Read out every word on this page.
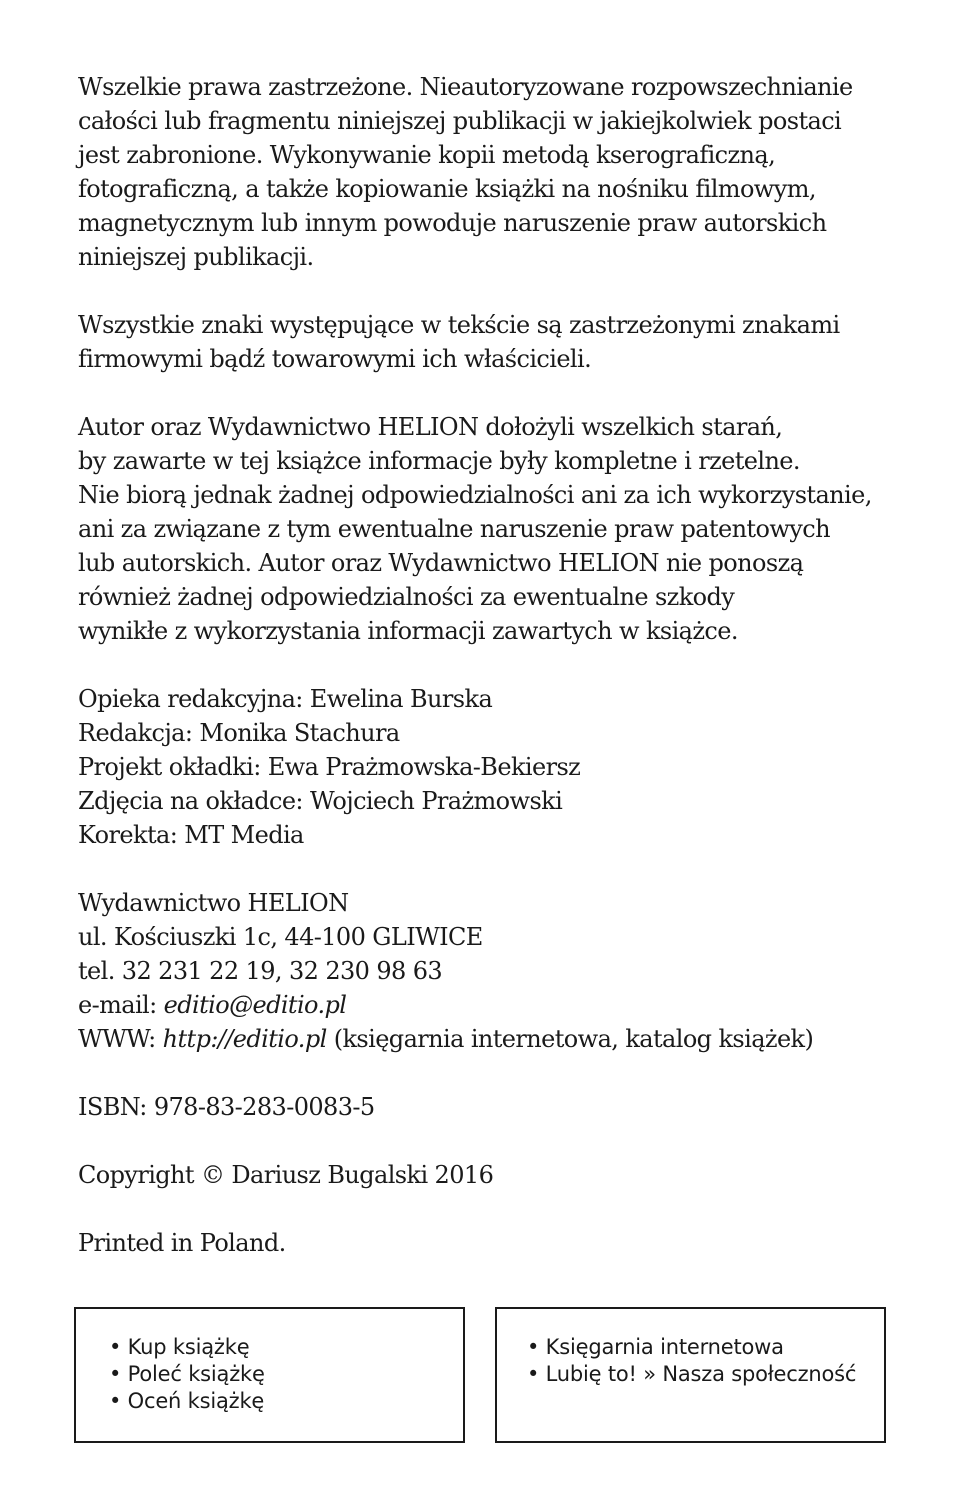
Wszelkie prawa zastrzeżone. Nieautoryzowane rozpowszechnianie
całości lub fragmentu niniejszej publikacji w jakiejkolwiek postaci
jest zabronione. Wykonywanie kopii metodą kserograficzną,
fotograficzną, a także kopiowanie książki na nośniku filmowym,
magnetycznym lub innym powoduje naruszenie praw autorskich
niniejszej publikacji.

Wszystkie znaki występujące w tekście są zastrzeżonymi znakami
firmowymi bądź towarowymi ich właścicieli.

Autor oraz Wydawnictwo HELION dołożyli wszelkich starań,
by zawarte w tej książce informacje były kompletne i rzetelne.
Nie biorą jednak żadnej odpowiedzialności ani za ich wykorzystanie,
ani za związane z tym ewentualne naruszenie praw patentowych
lub autorskich. Autor oraz Wydawnictwo HELION nie ponoszą
również żadnej odpowiedzialności za ewentualne szkody
wynikłe z wykorzystania informacji zawartych w książce.

Opieka redakcyjna: Ewelina Burska
Redakcja: Monika Stachura
Projekt okładki: Ewa Prażmowska-Bekiersz
Zdjęcia na okładce: Wojciech Prażmowski
Korekta: MT Media

Wydawnictwo HELION
ul. Kościuszki 1c, 44-100 GLIWICE
tel. 32 231 22 19, 32 230 98 63
e-mail: editio@editio.pl
WWW: http://editio.pl (księgarnia internetowa, katalog książek)

ISBN: 978-83-283-0083-5

Copyright © Dariusz Bugalski 2016

Printed in Poland.

• Kup książkę
• Poleć książkę
• Oceń książkę
• Księgarnia internetowa
• Lubię to! » Nasza społeczność
